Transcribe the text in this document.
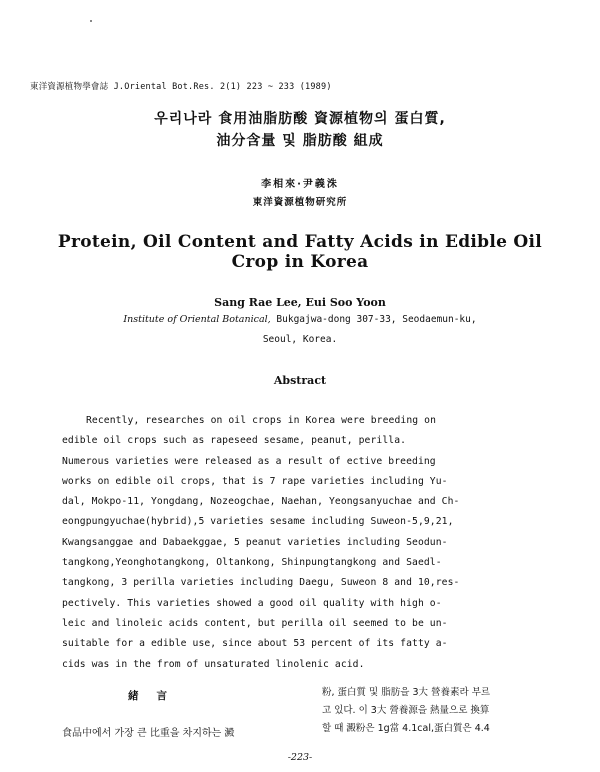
東洋資源植物學會誌 J.Oriental Bot.Res. 2(1) 223 ~ 233 (1989)
우리나라 食用油脂肪酸 資源植物의 蛋白質,
油分含量 및 脂肪酸 組成
李相來·尹義洙
東洋資源植物研究所
Protein, Oil Content and Fatty Acids in Edible Oil
Crop in Korea
Sang Rae Lee, Eui Soo Yoon
Institute of Oriental Botanical, Bukgajwa-dong 307-33, Seodaemun-ku,
Seoul, Korea.
Abstract
Recently, researches on oil crops in Korea were breeding on
edible oil crops such as rapeseed sesame, peanut, perilla.
Numerous varieties were released as a result of ective breeding
works on edible oil crops, that is 7 rape varieties including Yu-
dal, Mokpo-11, Yongdang, Nozeogchae, Naehan, Yeongsanyuchae and Ch-
eongpungyuchae(hybrid),5 varieties sesame including Suweon-5,9,21,
Kwangsanggae and Dabaekggae, 5 peanut varieties including Seodun-
tangkong,Yeonghotangkong, Oltankong, Shinpungtangkong and Saedl-
tangkong, 3 perilla varieties including Daegu, Suweon 8 and 10,res-
pectively. This varieties showed a good oil quality with high o-
leic and linoleic acids content, but perilla oil seemed to be un-
suitable for a edible use, since about 53 percent of its fatty a-
cids was in the from of unsaturated linolenic acid.
緒言
食品中에서 가장 큰 比重을 차지하는 澱
粉, 蛋白質 및 脂肪을 3大 營養素라 부르
고 있다. 이 3大 營養源을 熱量으로 換算
할 때 澱粉은 1g當 4.1cal,蛋白質은 4.4
-223-
